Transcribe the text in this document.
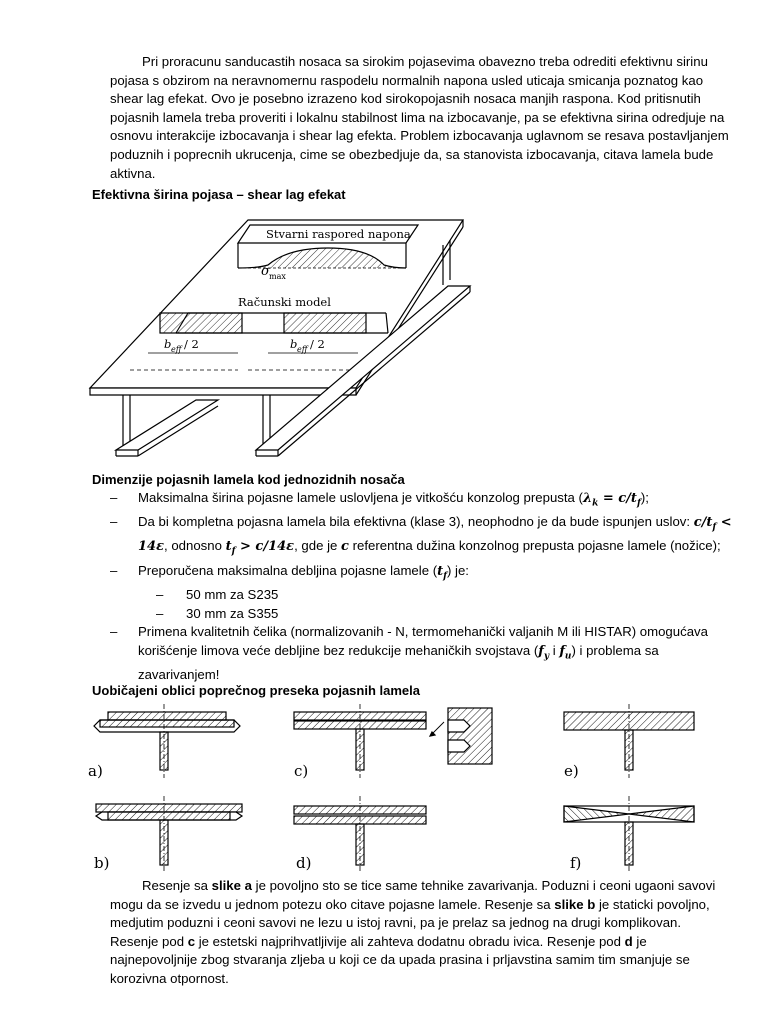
Pri proracunu sanducastih nosaca sa sirokim pojasevima obavezno treba odrediti efektivnu sirinu pojasa s obzirom na neravnomernu raspodelu normalnih napona usled uticaja smicanja poznatog kao shear lag efekat. Ovo je posebno izrazeno kod sirokopojasnih nosaca manjih raspona. Kod pritisnutih pojasnih lamela treba proveriti i lokalnu stabilnost lima na izbocavanje, pa se efektivna sirina odredjuje na osnovu interakcije izbocavanja i shear lag efekta. Problem izbocavanja uglavnom se resava postavljanjem poduznih i poprecnih ukrucenja, cime se obezbedjuje da, sa stanovista izbocavanja, citava lamela bude aktivna.
Efektivna širina pojasa – shear lag efekat
Stvarni raspored napona
σ max
Računski model
b eff / 2	b eff / 2
Dimenzije pojasnih lamela kod jednozidnih nosača
– Maksimalna širina pojasne lamele uslovljena je vitkošću konzolog prepusta $(\lambda_k = c/t_f)$;
– Da bi kompletna pojasna lamela bila efektivna (klase 3), neophodno je da bude ispunjen uslov: $c/t_f < 14\varepsilon$, odnosno $t_f > c/14\varepsilon$, gde je c referentna dužina konzolnog prepusta pojasne lamele (nožice);
– Preporučena maksimalna debljina pojasne lamele $(t_f)$ je:
– 50 mm za S235
– 30 mm za S355
– Primena kvalitetnih čelika (normalizovanih - N, termomehanički valjanih M ili HISTAR) omogućava korišćenje limova veće debljine bez redukcije mehaničkih svojstava ($f_y$ i $f_u$) i problema sa zavarivanjem!
Uobičajeni oblici poprečnog preseka pojasnih lamela
a)	c)	e)
b)	d)	f)
Resenje sa slike a je povoljno sto se tice same tehnike zavarivanja. Poduzni i ceoni ugaoni savovi mogu da se izvedu u jednom potezu oko citave pojasne lamele. Resenje sa slike b je staticki povoljno, medjutim poduzni i ceoni savovi ne lezu u istoj ravni, pa je prelaz sa jednog na drugi komplikovan. Resenje pod c je estetski najprihvatljivije ali zahteva dodatnu obradu ivica. Resenje pod d je najnepovoljnije zbog stvaranja zljeba u koji ce da upada prasina i prljavstina samim tim smanjuje se korozivna otpornost.
